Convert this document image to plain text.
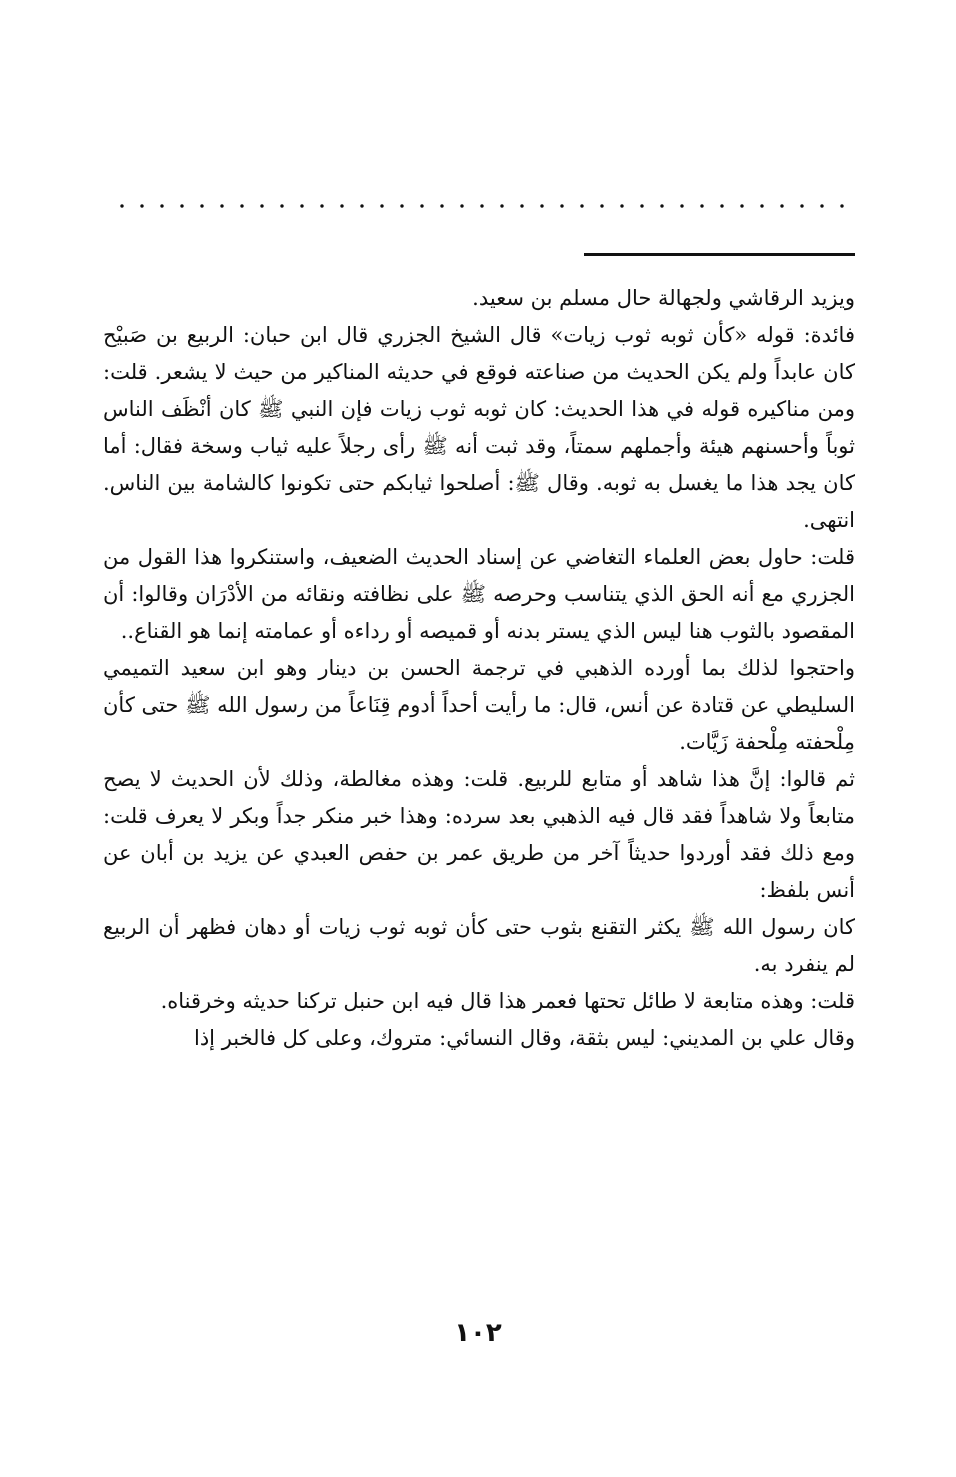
ويزيد الرقاشي ولجهالة حال مسلم بن سعيد.

فائدة: قوله «كأن ثوبه ثوب زيات» قال الشيخ الجزري قال ابن حبان: الربيع بن صَبيْح كان عابداً ولم يكن الحديث من صناعته فوقع في حديثه المناكير من حيث لا يشعر. قلت: ومن مناكيره قوله في هذا الحديث: كان ثوبه ثوب زيات فإن النبي ﷺ كان أنْظَف الناس ثوباً وأحسنهم هيئة وأجملهم سمتاً، وقد ثبت أنه ﷺ رأى رجلاً عليه ثياب وسخة فقال: أما كان يجد هذا ما يغسل به ثوبه. وقال ﷺ: أصلحوا ثيابكم حتى تكونوا كالشامة بين الناس. انتهى.

قلت: حاول بعض العلماء التغاضي عن إسناد الحديث الضعيف، واستنكروا هذا القول من الجزري مع أنه الحق الذي يتناسب وحرصه ﷺ على نظافته ونقائه من الأدْرَان وقالوا: أن المقصود بالثوب هنا ليس الذي يستر بدنه أو قميصه أو رداءه أو عمامته إنما هو القناع..

واحتجوا لذلك بما أورده الذهبي في ترجمة الحسن بن دينار وهو ابن سعيد التميمي السليطي عن قتادة عن أنس، قال: ما رأيت أحداً أدوم قِنَاعاً من رسول الله ﷺ حتى كأن مِلْحفته مِلْحفة زَيَّات.

ثم قالوا: إنَّ هذا شاهد أو متابع للربيع. قلت: وهذه مغالطة، وذلك لأن الحديث لا يصح متابعاً ولا شاهداً فقد قال فيه الذهبي بعد سرده: وهذا خبر منكر جداً وبكر لا يعرف قلت: ومع ذلك فقد أوردوا حديثاً آخر من طريق عمر بن حفص العبدي عن يزيد بن أبان عن أنس بلفظ:

كان رسول الله ﷺ يكثر التقنع بثوب حتى كأن ثوبه ثوب زيات أو دهان فظهر أن الربيع لم ينفرد به.

قلت: وهذه متابعة لا طائل تحتها فعمر هذا قال فيه ابن حنبل تركنا حديثه وخرقناه.

وقال علي بن المديني: ليس بثقة، وقال النسائي: متروك، وعلى كل فالخبر إذا

١٠٢
